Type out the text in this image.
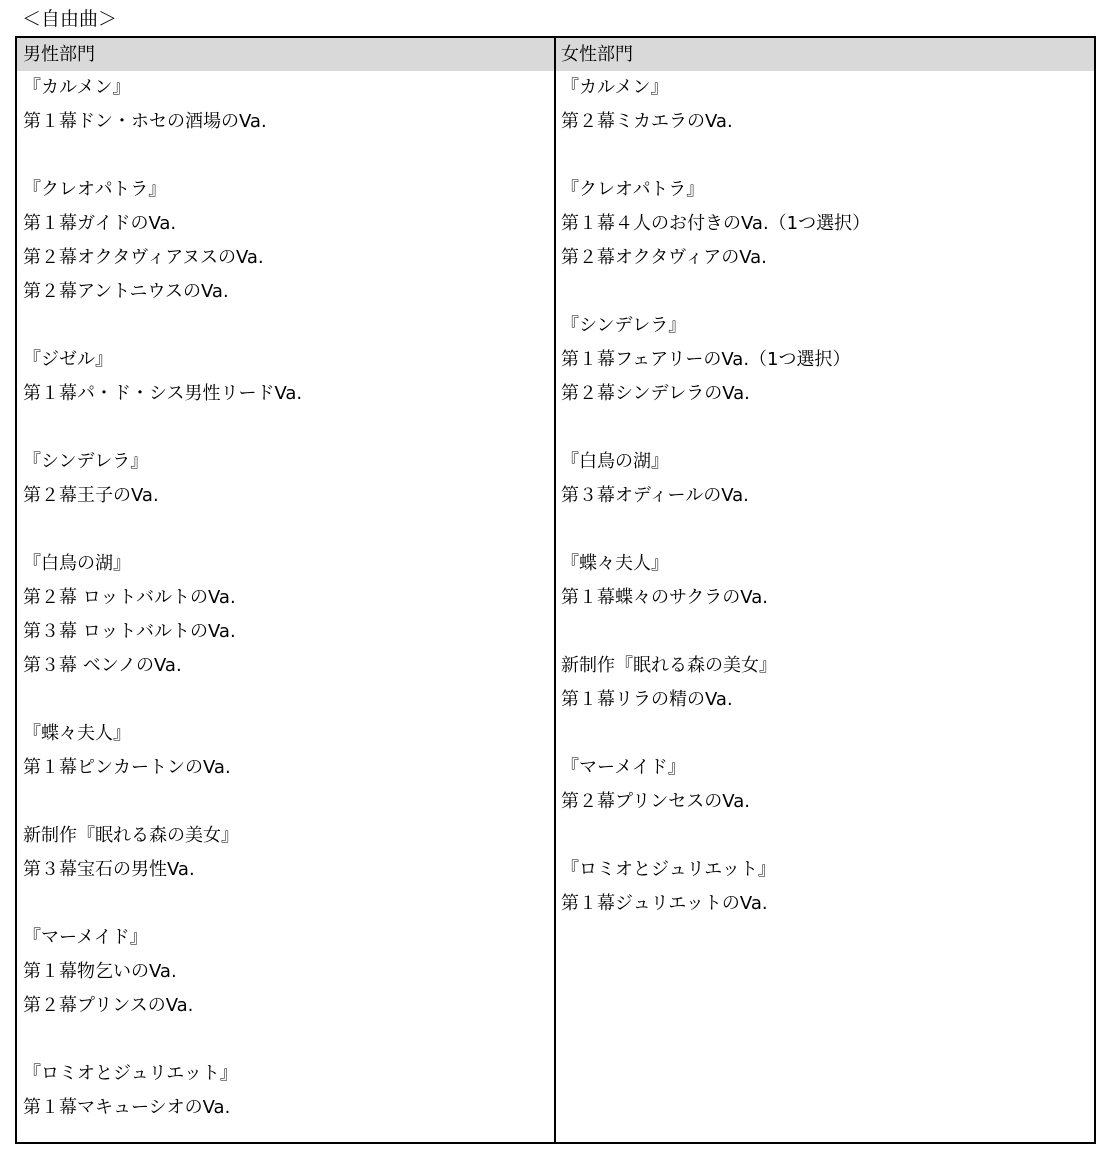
＜自由曲＞
男性部門
『カルメン』
第１幕ドン・ホセの酒場のVa.
『クレオパトラ』
第１幕ガイドのVa.
第２幕オクタヴィアヌスのVa.
第２幕アントニウスのVa.
『ジゼル』
第１幕パ・ド・シス男性リードVa.
『シンデレラ』
第２幕王子のVa.
『白鳥の湖』
第２幕 ロットバルトのVa.
第３幕 ロットバルトのVa.
第３幕 ベンノのVa.
『蝶々夫人』
第１幕ピンカートンのVa.
新制作『眠れる森の美女』
第３幕宝石の男性Va.
『マーメイド』
第１幕物乞いのVa.
第２幕プリンスのVa.
『ロミオとジュリエット』
第１幕マキューシオのVa.
女性部門
『カルメン』
第２幕ミカエラのVa.
『クレオパトラ』
第１幕４人のお付きのVa.（1つ選択）
第２幕オクタヴィアのVa.
『シンデレラ』
第１幕フェアリーのVa.（1つ選択）
第２幕シンデレラのVa.
『白鳥の湖』
第３幕オディールのVa.
『蝶々夫人』
第１幕蝶々のサクラのVa.
新制作『眠れる森の美女』
第１幕リラの精のVa.
『マーメイド』
第２幕プリンセスのVa.
『ロミオとジュリエット』
第１幕ジュリエットのVa.
